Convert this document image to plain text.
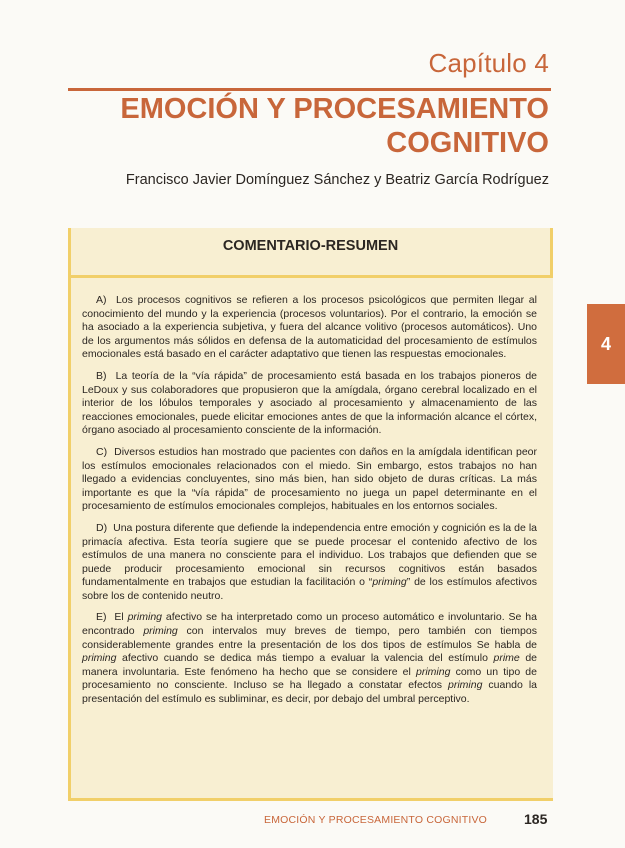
Capítulo 4
EMOCIÓN Y PROCESAMIENTO
COGNITIVO
Francisco Javier Domínguez Sánchez y Beatriz García Rodríguez
COMENTARIO-RESUMEN

A) Los procesos cognitivos se refieren a los procesos psicológicos que permiten llegar al conocimiento del mundo y la experiencia (procesos voluntarios). Por el contrario, la emoción se ha asociado a la experiencia subjetiva, y fuera del alcance volitivo (procesos automáticos). Uno de los argumentos más sólidos en defensa de la automaticidad del procesamiento de estímulos emocionales está basado en el carácter adaptativo que tienen las respuestas emocionales.

B) La teoría de la “vía rápida” de procesamiento está basada en los trabajos pioneros de LeDoux y sus colaboradores que propusieron que la amígdala, órgano cerebral localizado en el interior de los lóbulos temporales y asociado al procesamiento y almacenamiento de las reacciones emocionales, puede elicitar emociones antes de que la información alcance el córtex, órgano asociado al procesamiento consciente de la información.

C) Diversos estudios han mostrado que pacientes con daños en la amígdala identifican peor los estímulos emocionales relacionados con el miedo. Sin embargo, estos trabajos no han llegado a evidencias concluyentes, sino más bien, han sido objeto de duras críticas. La más importante es que la “vía rápida” de procesamiento no juega un papel determinante en el procesamiento de estímulos emocionales complejos, habituales en los entornos sociales.

D) Una postura diferente que defiende la independencia entre emoción y cognición es la de la primacía afectiva. Esta teoría sugiere que se puede procesar el contenido afectivo de los estímulos de una manera no consciente para el individuo. Los trabajos que defienden que se puede producir procesamiento emocional sin recursos cognitivos están basados fundamentalmente en trabajos que estudian la facilitación o “priming” de los estímulos afectivos sobre los de contenido neutro.

E) El priming afectivo se ha interpretado como un proceso automático e involuntario. Se ha encontrado priming con intervalos muy breves de tiempo, pero también con tiempos considerablemente grandes entre la presentación de los dos tipos de estímulos Se habla de priming afectivo cuando se dedica más tiempo a evaluar la valencia del estímulo prime de manera involuntaria. Este fenómeno ha hecho que se considere el priming como un tipo de procesamiento no consciente. Incluso se ha llegado a constatar efectos priming cuando la presentación del estímulo es subliminar, es decir, por debajo del umbral perceptivo.

4
EMOCIÓN Y PROCESAMIENTO COGNITIVO	185
